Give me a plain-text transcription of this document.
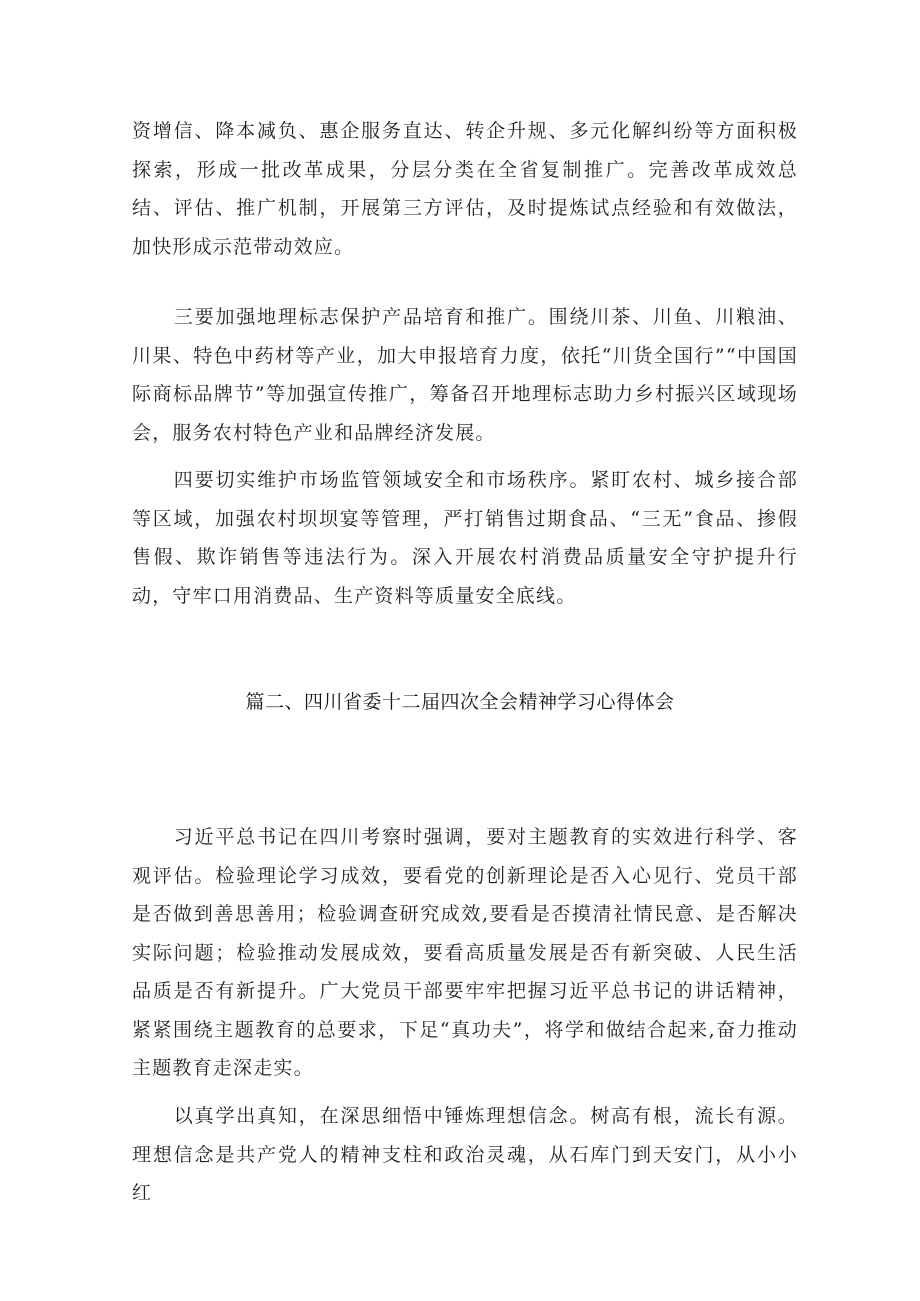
资增信、降本减负、惠企服务直达、转企升规、多元化解纠纷等方面积极探索，形成一批改革成果，分层分类在全省复制推广。完善改革成效总结、评估、推广机制，开展第三方评估，及时提炼试点经验和有效做法，加快形成示范带动效应。

三要加强地理标志保护产品培育和推广。围绕川茶、川鱼、川粮油、川果、特色中药材等产业，加大申报培育力度，依托“川货全国行”“中国国际商标品牌节”等加强宣传推广，筹备召开地理标志助力乡村振兴区域现场会，服务农村特色产业和品牌经济发展。

四要切实维护市场监管领域安全和市场秩序。紧盯农村、城乡接合部等区域，加强农村坝坝宴等管理，严打销售过期食品、“三无”食品、掺假售假、欺诈销售等违法行为。深入开展农村消费品质量安全守护提升行动，守牢口用消费品、生产资料等质量安全底线。

篇二、四川省委十二届四次全会精神学习心得体会

习近平总书记在四川考察时强调，要对主题教育的实效进行科学、客观评估。检验理论学习成效，要看党的创新理论是否入心见行、党员干部是否做到善思善用；检验调查研究成效,要看是否摸清社情民意、是否解决实际问题；检验推动发展成效，要看高质量发展是否有新突破、人民生活品质是否有新提升。广大党员干部要牢牢把握习近平总书记的讲话精神，紧紧围绕主题教育的总要求，下足“真功夫”，将学和做结合起来,奋力推动主题教育走深走实。

以真学出真知，在深思细悟中锤炼理想信念。树高有根，流长有源。理想信念是共产党人的精神支柱和政治灵魂，从石库门到天安门，从小小红
